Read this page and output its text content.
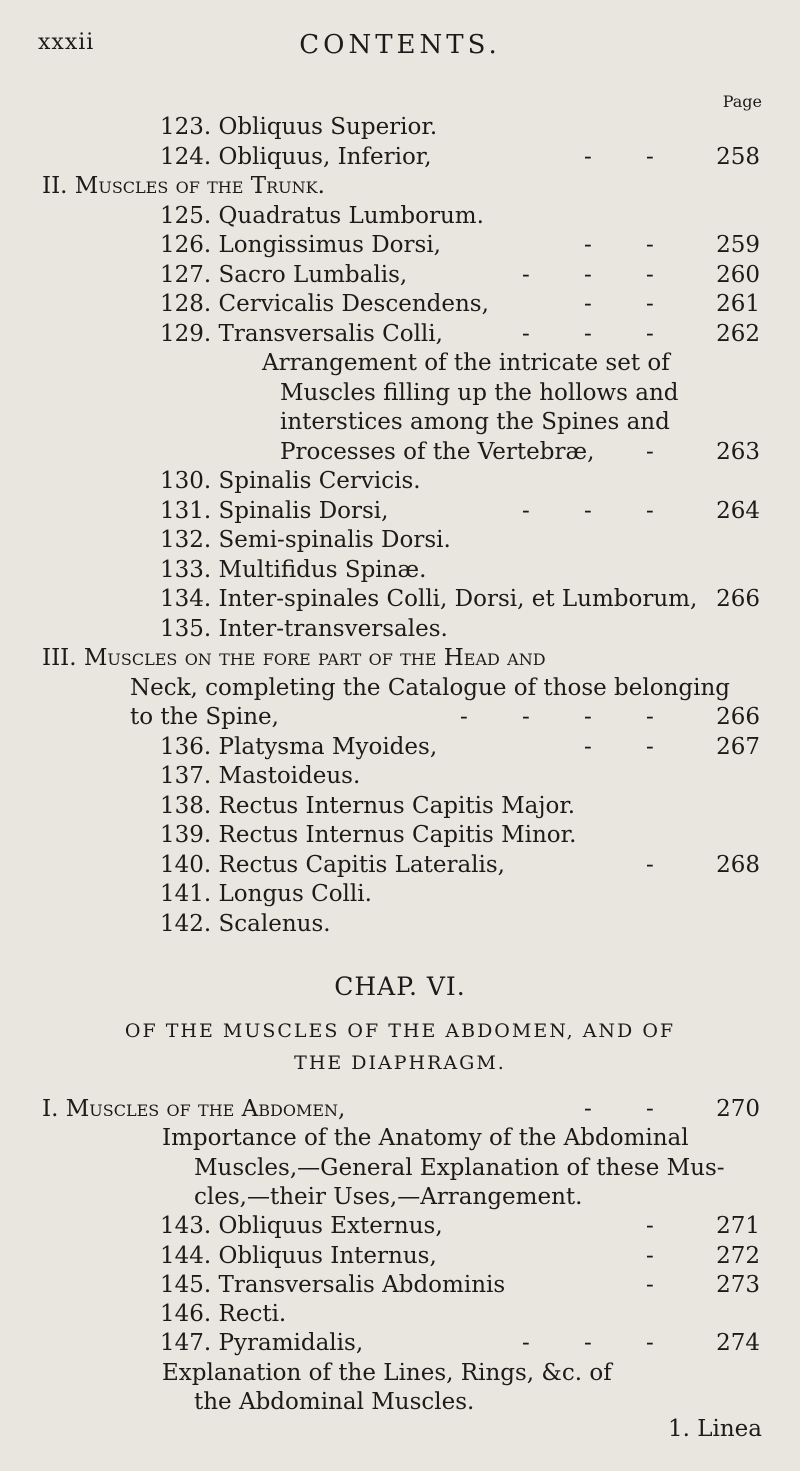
xxxii	CONTENTS.
Page
123. Obliquus Superior.
124. Obliquus, Inferior,	- -	258
II. Muscles of the Trunk.
125. Quadratus Lumborum.
126. Longissimus Dorsi,	- -	259
127. Sacro Lumbalis,	- - -	260
128. Cervicalis Descendens,	- -	261
129. Transversalis Colli,	- - -	262
Arrangement of the intricate set of
Muscles filling up the hollows and
interstices among the Spines and
Processes of the Vertebræ, -	263
130. Spinalis Cervicis.
131. Spinalis Dorsi,	- - -	264
132. Semi-spinalis Dorsi.
133. Multifidus Spinæ.
134. Inter-spinales Colli, Dorsi, et Lumborum, 266
135. Inter-transversales.
III. Muscles on the fore part of the Head and
Neck, completing the Catalogue of those belonging
to the Spine,	- - - -	266
136. Platysma Myoides,	- -	267
137. Mastoideus.
138. Rectus Internus Capitis Major.
139. Rectus Internus Capitis Minor.
140. Rectus Capitis Lateralis,	-	268
141. Longus Colli.
142. Scalenus.
CHAP. VI.
OF THE MUSCLES OF THE ABDOMEN, AND OF
THE DIAPHRAGM.
I. Muscles of the Abdomen,	- -	270
Importance of the Anatomy of the Abdominal
Muscles,—General Explanation of these Mus-
cles,—their Uses,—Arrangement.
143. Obliquus Externus,	-	271
144. Obliquus Internus,	-	272
145. Transversalis Abdominis	-	273
146. Recti.
147. Pyramidalis,	- - -	274
Explanation of the Lines, Rings, &c. of
the Abdominal Muscles.
1. Linea
